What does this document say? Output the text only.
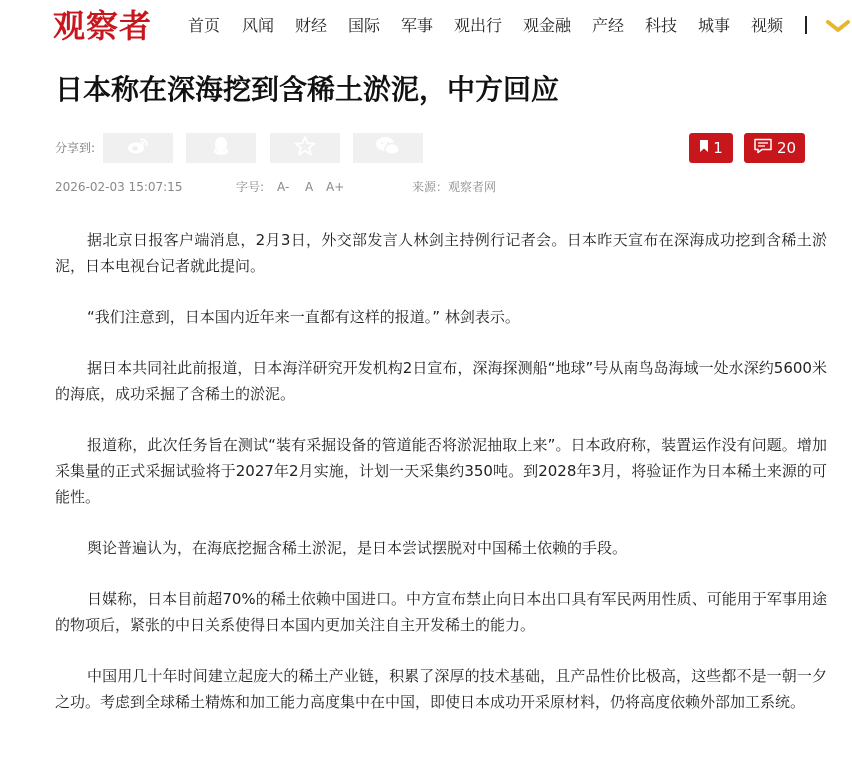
观察者 首页	风闻	财经	国际	军事	观出行	观金融	产经	科技	城事	视频
日本称在深海挖到含稀土淤泥，中方回应
分享到:	1	20
2026-02-03 15:07:15	字号: A- A A+	来源：观察者网

据北京日报客户端消息，2月3日，外交部发言人林剑主持例行记者会。日本昨天宣布在深海成功挖到含稀土淤泥，日本电视台记者就此提问。

“我们注意到，日本国内近年来一直都有这样的报道。” 林剑表示。

据日本共同社此前报道，日本海洋研究开发机构2日宣布，深海探测船“地球”号从南鸟岛海域一处水深约5600米的海底，成功采掘了含稀土的淤泥。

报道称，此次任务旨在测试“装有采掘设备的管道能否将淤泥抽取上来”。日本政府称，装置运作没有问题。增加采集量的正式采掘试验将于2027年2月实施，计划一天采集约350吨。到2028年3月，将验证作为日本稀土来源的可能性。

舆论普遍认为，在海底挖掘含稀土淤泥，是日本尝试摆脱对中国稀土依赖的手段。

日媒称，日本目前超70%的稀土依赖中国进口。中方宣布禁止向日本出口具有军民两用性质、可能用于军事用途的物项后，紧张的中日关系使得日本国内更加关注自主开发稀土的能力。

中国用几十年时间建立起庞大的稀土产业链，积累了深厚的技术基础，且产品性价比极高，这些都不是一朝一夕之功。考虑到全球稀土精炼和加工能力高度集中在中国，即使日本成功开采原材料，仍将高度依赖外部加工系统。
